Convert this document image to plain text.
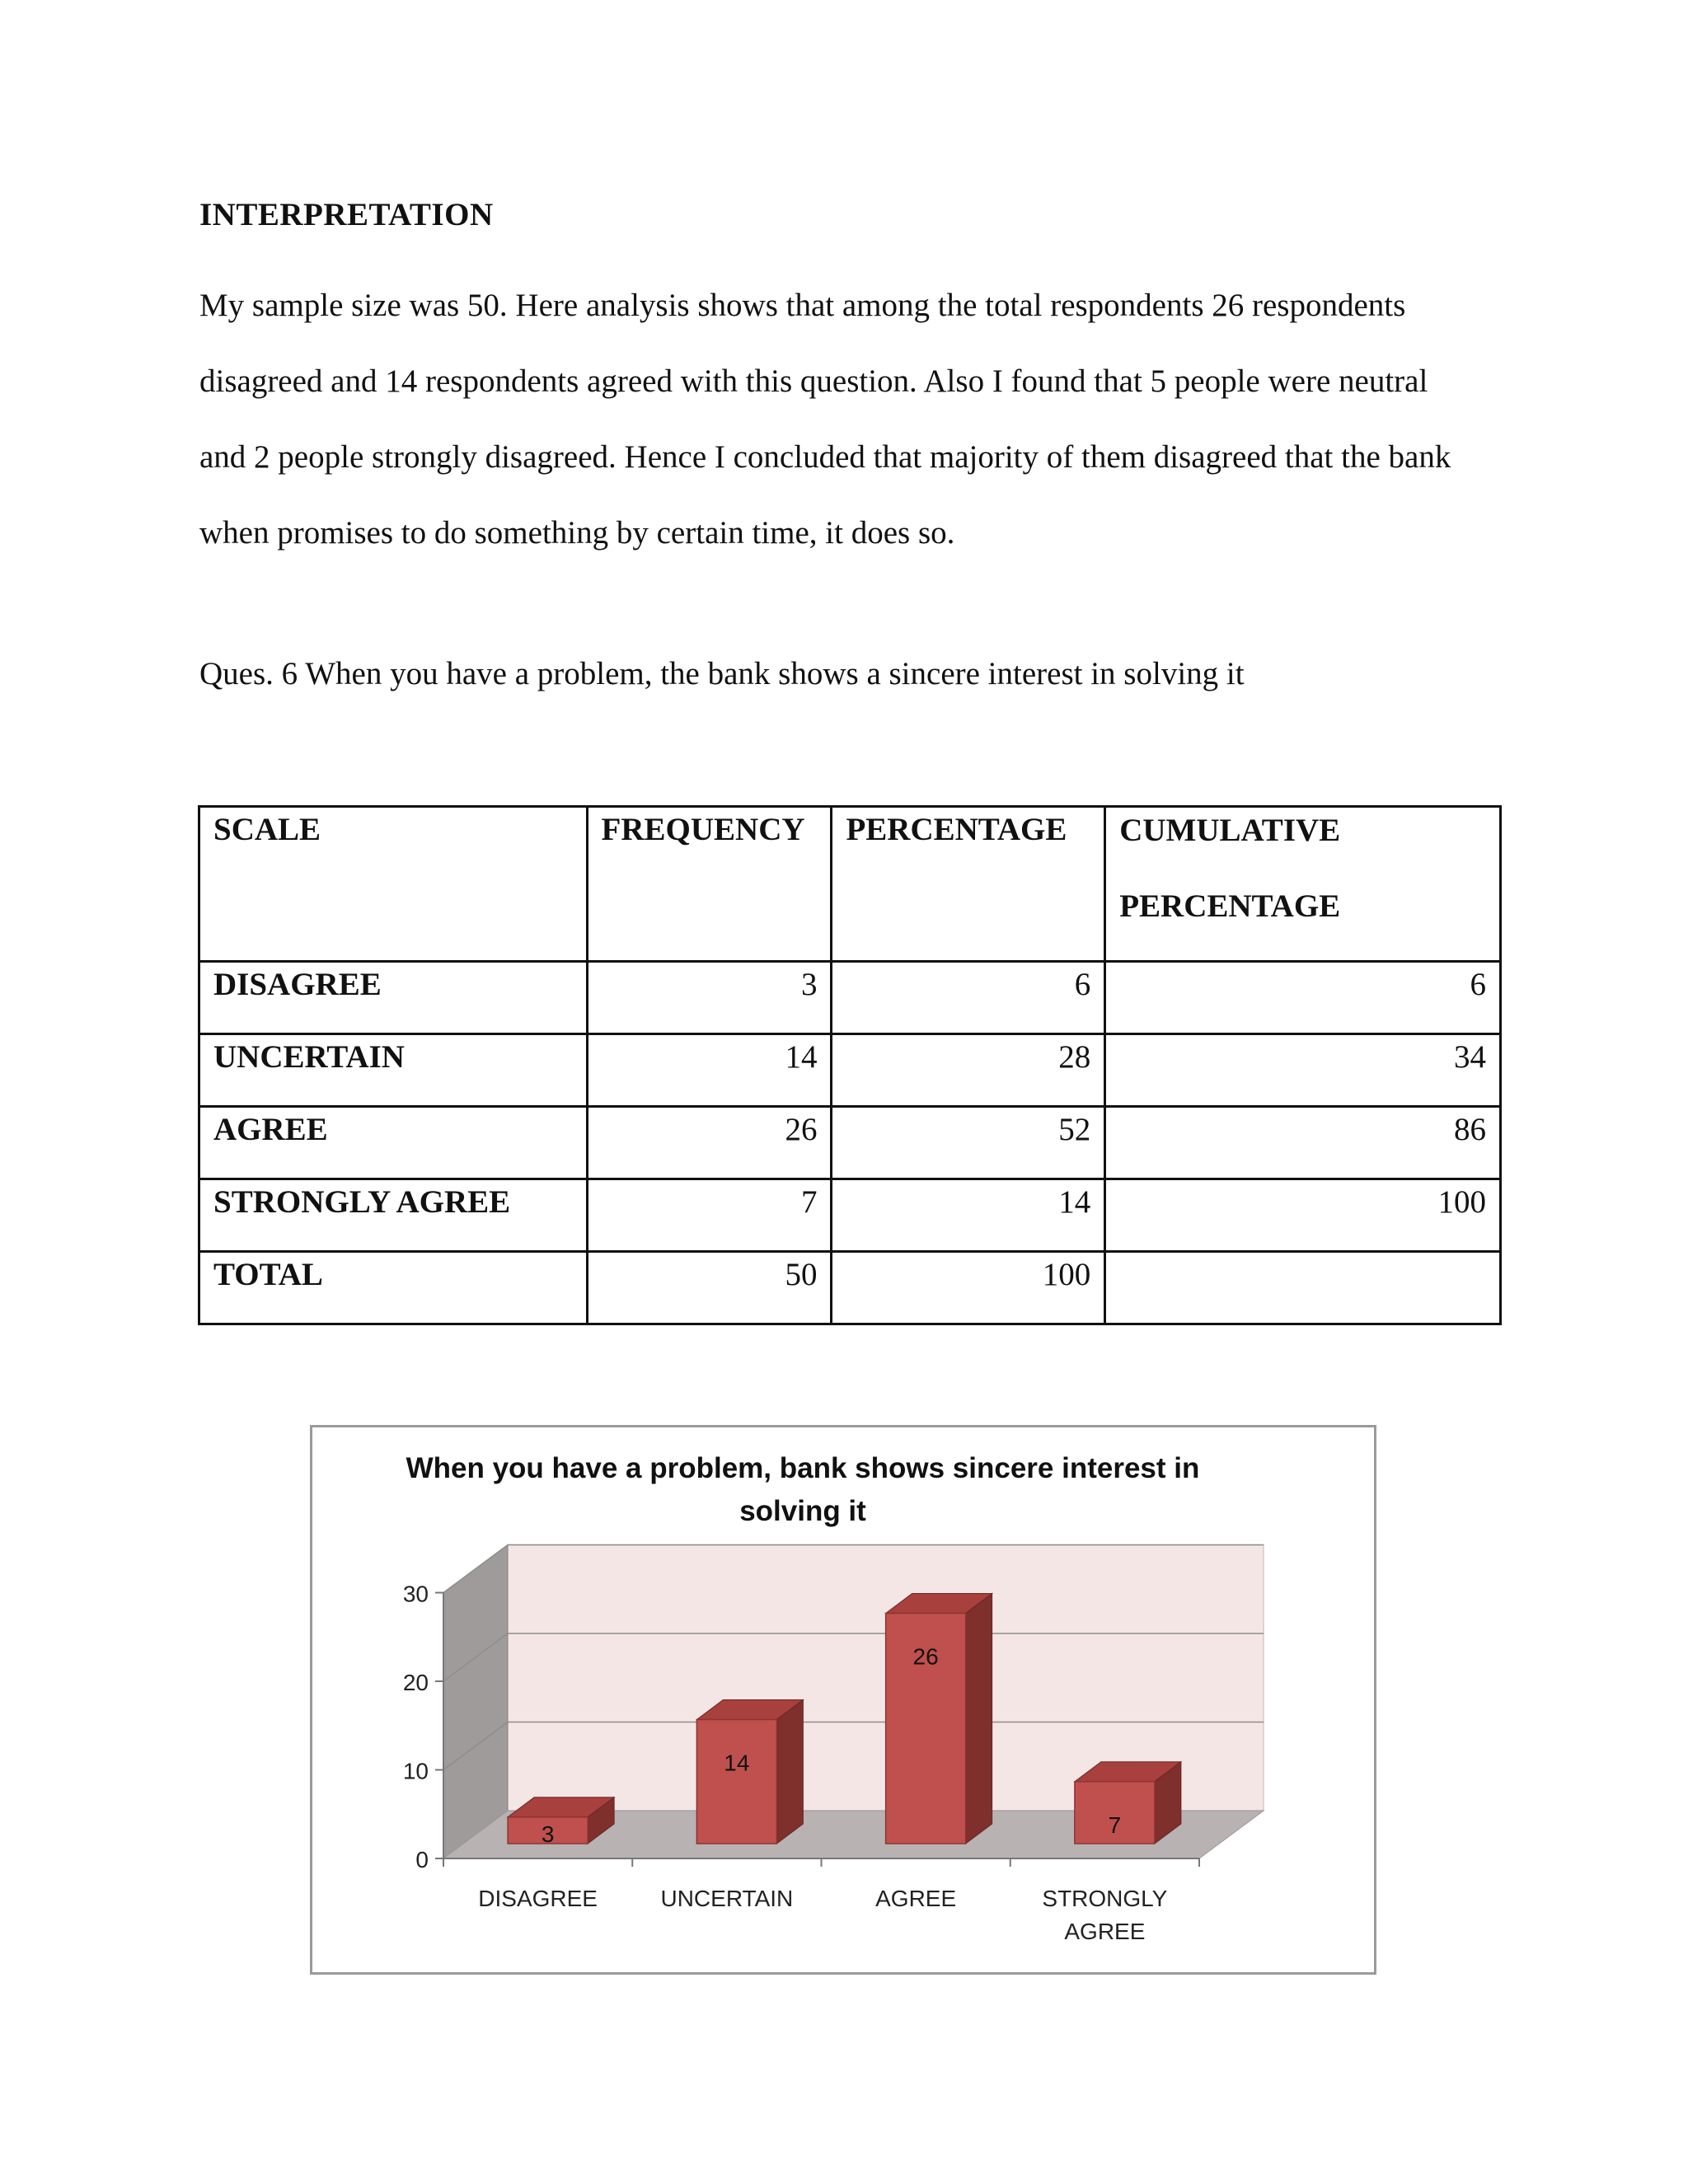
INTERPRETATION
My sample size was 50. Here analysis shows that among the total respondents 26 respondents
disagreed and 14 respondents agreed with this question. Also I found that 5 people were neutral
and 2 people strongly disagreed. Hence I concluded that majority of them disagreed that the bank
when promises to do something by certain time, it does so.
Ques. 6 When you have a problem, the bank shows a sincere interest in solving it
SCALE	FREQUENCY	PERCENTAGE	CUMULATIVE
PERCENTAGE

DISAGREE	3	6	6
UNCERTAIN	14	28	34
AGREE	26	52	86
STRONGLY AGREE	7	14	100
TOTAL	50	100	
When you have a problem, bank shows sincere interest in
solving it
0
10
20
30
3
DISAGREE
14
UNCERTAIN
26
AGREE
7
STRONGLY
AGREE
